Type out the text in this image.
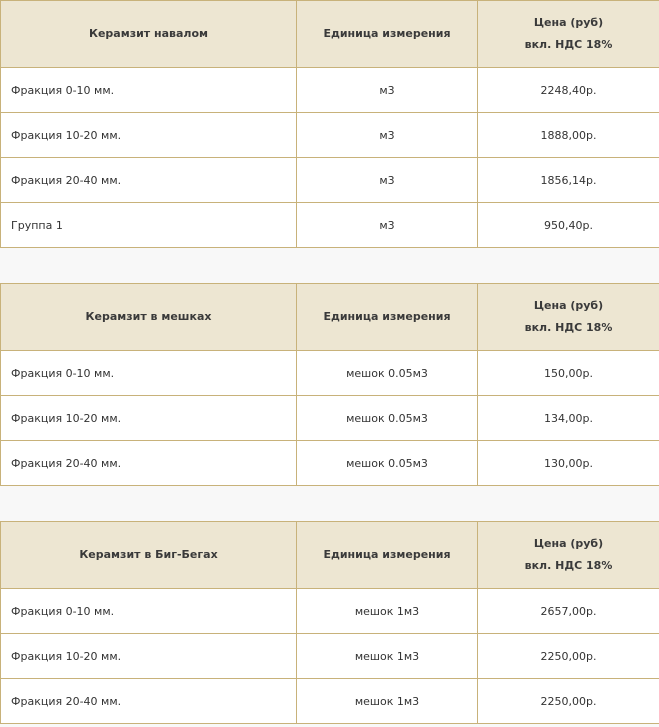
Керамзит навалом	Единица измерения	Цена (руб)
вкл. НДС 18%

Фракция 0-10 мм.	м3	2248,40р.
Фракция 10-20 мм.	м3	1888,00р.
Фракция 20-40 мм.	м3	1856,14р.
Группа 1	м3	950,40р.
Керамзит в мешках	Единица измерения	Цена (руб)
вкл. НДС 18%

Фракция 0-10 мм.	мешок 0.05м3	150,00р.
Фракция 10-20 мм.	мешок 0.05м3	134,00р.
Фракция 20-40 мм.	мешок 0.05м3	130,00р.
Керамзит в Биг-Бегах	Единица измерения	Цена (руб)
вкл. НДС 18%

Фракция 0-10 мм.	мешок 1м3	2657,00р.
Фракция 10-20 мм.	мешок 1м3	2250,00р.
Фракция 20-40 мм.	мешок 1м3	2250,00р.
